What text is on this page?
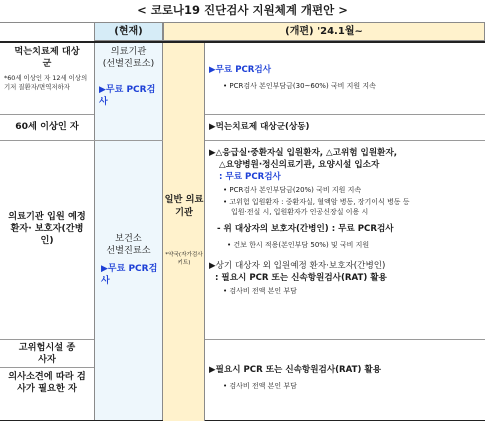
< 코로나19 진단검사 지원체계 개편안 >
(현재)	(개편) '24.1월~
의료기관
(선별진료소)
▶무료 PCR검사
보건소
선별진료소
▶무료 PCR검사
일반 의료 기관
*약국(자가검사 키트)
먹는치료제 대상군
*60세 이상인 자 12세 이상의 기저 질환자/면역저하자
60세 이상인 자
의료기관 입원 예정 환자· 보호자(간병인)
고위험시설 종사자
의사소견에 따라 검사가 필요한 자
▶무료 PCR검사
• PCR검사 본인부담금(30~60%) 국비 지원 지속
▶먹는치료제 대상군(상동)
▶△응급실·중환자실 입원환자, △고위험 입원환자,
△요양병원·정신의료기관, 요양시설 입소자
: 무료 PCR검사
• PCR검사 본인부담금(20%) 국비 지원 지속
• 고위험 입원환자 : 중환자실, 혈액암 병동, 장기이식 병동 등
입원·전실 시, 입원환자가 인공신장실 이용 시
- 위 대상자의 보호자(간병인) : 무료 PCR검사
• 건보 한시 적용(본인부담 50%) 및 국비 지원
▶상기 대상자 외 입원예정 환자·보호자(간병인)
: 필요시 PCR 또는 신속항원검사(RAT) 활용
• 검사비 전액 본인 부담
▶필요시 PCR 또는 신속항원검사(RAT) 활용
• 검사비 전액 본인 부담
